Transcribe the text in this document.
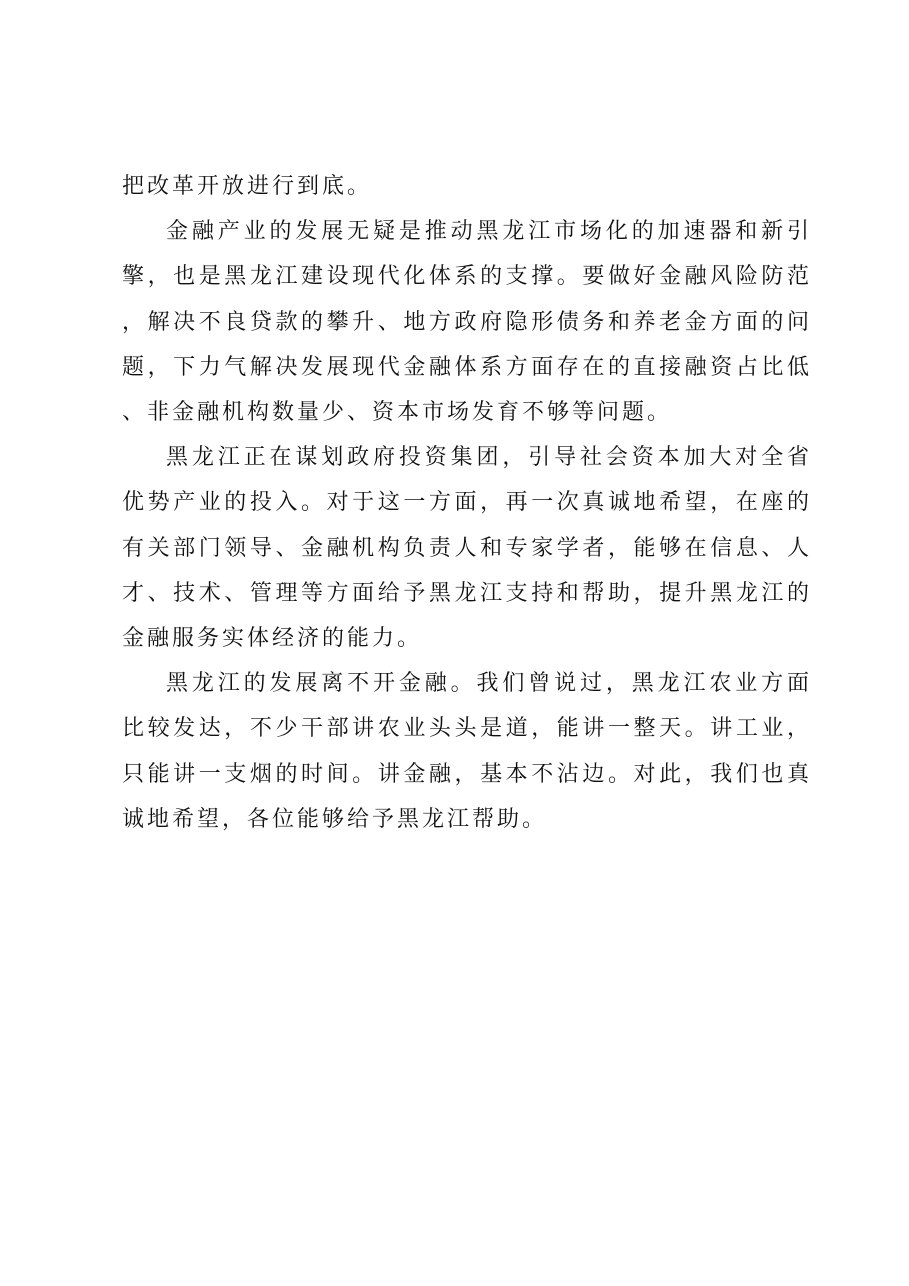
把改革开放进行到底。

金融产业的发展无疑是推动黑龙江市场化的加速器和新引擎，也是黑龙江建设现代化体系的支撑。要做好金融风险防范，解决不良贷款的攀升、地方政府隐形债务和养老金方面的问题，下力气解决发展现代金融体系方面存在的直接融资占比低、非金融机构数量少、资本市场发育不够等问题。

黑龙江正在谋划政府投资集团，引导社会资本加大对全省优势产业的投入。对于这一方面，再一次真诚地希望，在座的有关部门领导、金融机构负责人和专家学者，能够在信息、人才、技术、管理等方面给予黑龙江支持和帮助，提升黑龙江的金融服务实体经济的能力。

黑龙江的发展离不开金融。我们曾说过，黑龙江农业方面比较发达，不少干部讲农业头头是道，能讲一整天。讲工业，只能讲一支烟的时间。讲金融，基本不沾边。对此，我们也真诚地希望，各位能够给予黑龙江帮助。
